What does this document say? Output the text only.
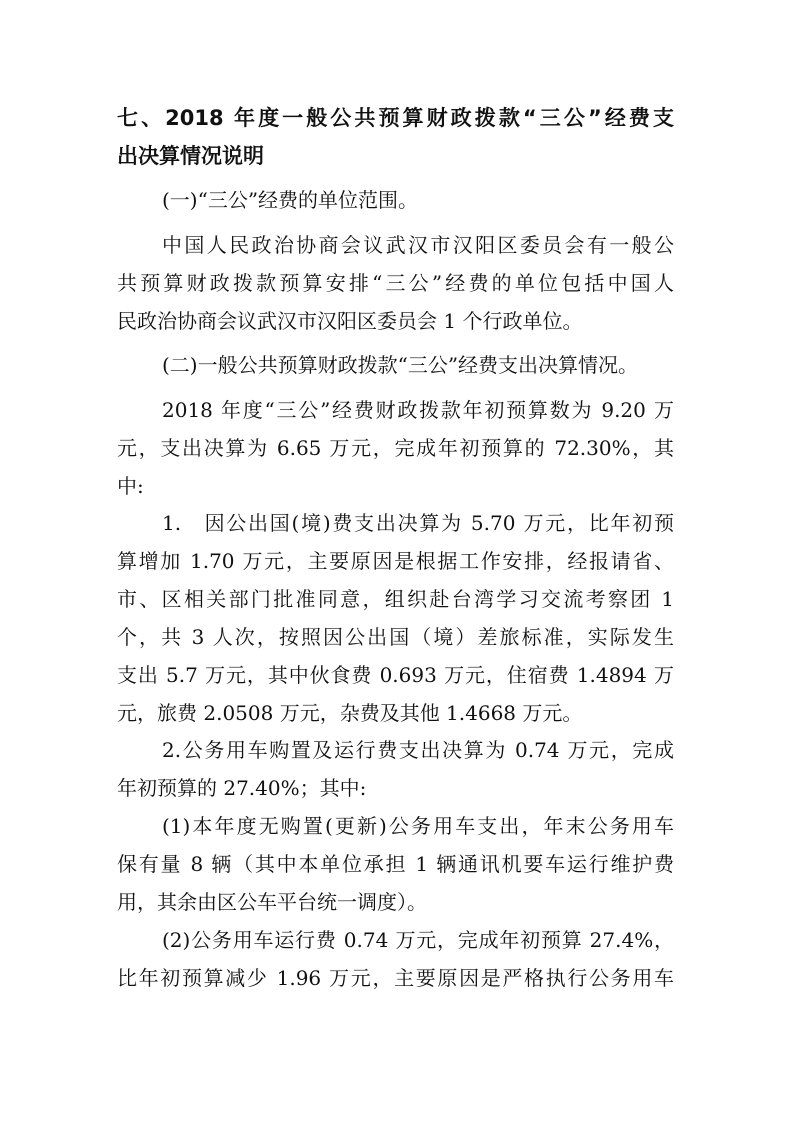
七、2018 年度一般公共预算财政拨款“三公”经费支
出决算情况说明
(一)“三公”经费的单位范围。
中国人民政治协商会议武汉市汉阳区委员会有一般公
共预算财政拨款预算安排“三公”经费的单位包括中国人
民政治协商会议武汉市汉阳区委员会 1 个行政单位。
(二)一般公共预算财政拨款“三公”经费支出决算情况。
2018 年度“三公”经费财政拨款年初预算数为 9.20 万
元，支出决算为 6.65 万元，完成年初预算的 72.30%，其
中:
1.　因公出国(境)费支出决算为 5.70 万元，比年初预
算增加 1.70 万元，主要原因是根据工作安排，经报请省、
市、区相关部门批准同意，组织赴台湾学习交流考察团 1
个，共 3 人次，按照因公出国（境）差旅标准，实际发生
支出 5.7 万元，其中伙食费 0.693 万元，住宿费 1.4894 万
元，旅费 2.0508 万元，杂费及其他 1.4668 万元。
2.公务用车购置及运行费支出决算为 0.74 万元，完成
年初预算的 27.40%；其中:
(1)本年度无购置(更新)公务用车支出，年末公务用车
保有量 8 辆（其中本单位承担 1 辆通讯机要车运行维护费
用，其余由区公车平台统一调度）。
(2)公务用车运行费 0.74 万元，完成年初预算 27.4%，
比年初预算减少 1.96 万元，主要原因是严格执行公务用车
